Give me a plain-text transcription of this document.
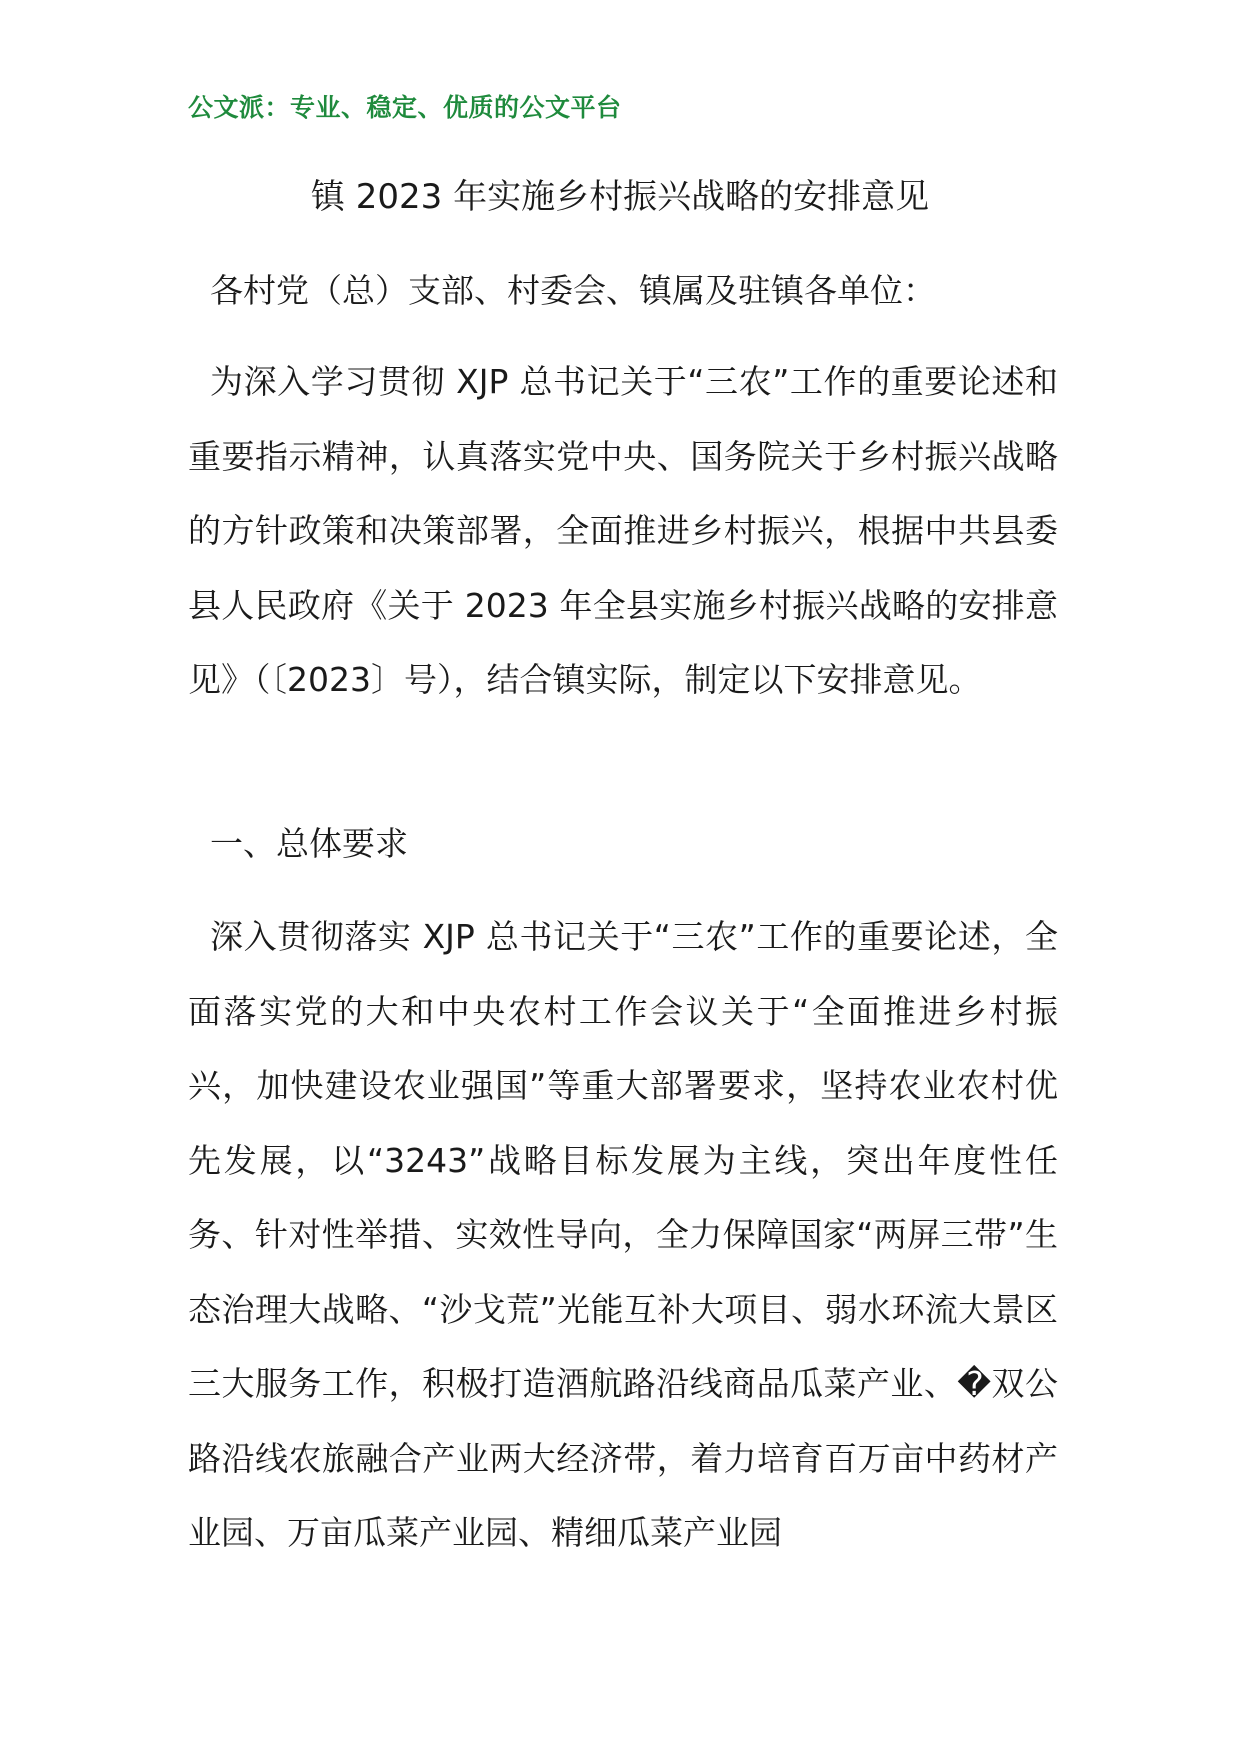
公文派：专业、稳定、优质的公文平台
镇 2023 年实施乡村振兴战略的安排意见
各村党（总）支部、村委会、镇属及驻镇各单位：
为深入学习贯彻 XJP 总书记关于“三农”工作的重要论述和重要指示精神，认真落实党中央、国务院关于乡村振兴战略的方针政策和决策部署，全面推进乡村振兴，根据中共县委县人民政府《关于 2023 年全县实施乡村振兴战略的安排意见》（〔2023〕号），结合镇实际，制定以下安排意见。
一、总体要求
深入贯彻落实 XJP 总书记关于“三农”工作的重要论述，全面落实党的大和中央农村工作会议关于“全面推进乡村振兴，加快建设农业强国”等重大部署要求，坚持农业农村优先发展，以“3243”战略目标发展为主线，突出年度性任务、针对性举措、实效性导向，全力保障国家“两屏三带”生态治理大战略、“沙戈荒”光能互补大项目、弱水环流大景区三大服务工作，积极打造酒航路沿线商品瓜菜产业、�双公路沿线农旅融合产业两大经济带，着力培育百万亩中药材产业园、万亩瓜菜产业园、精细瓜菜产业园
